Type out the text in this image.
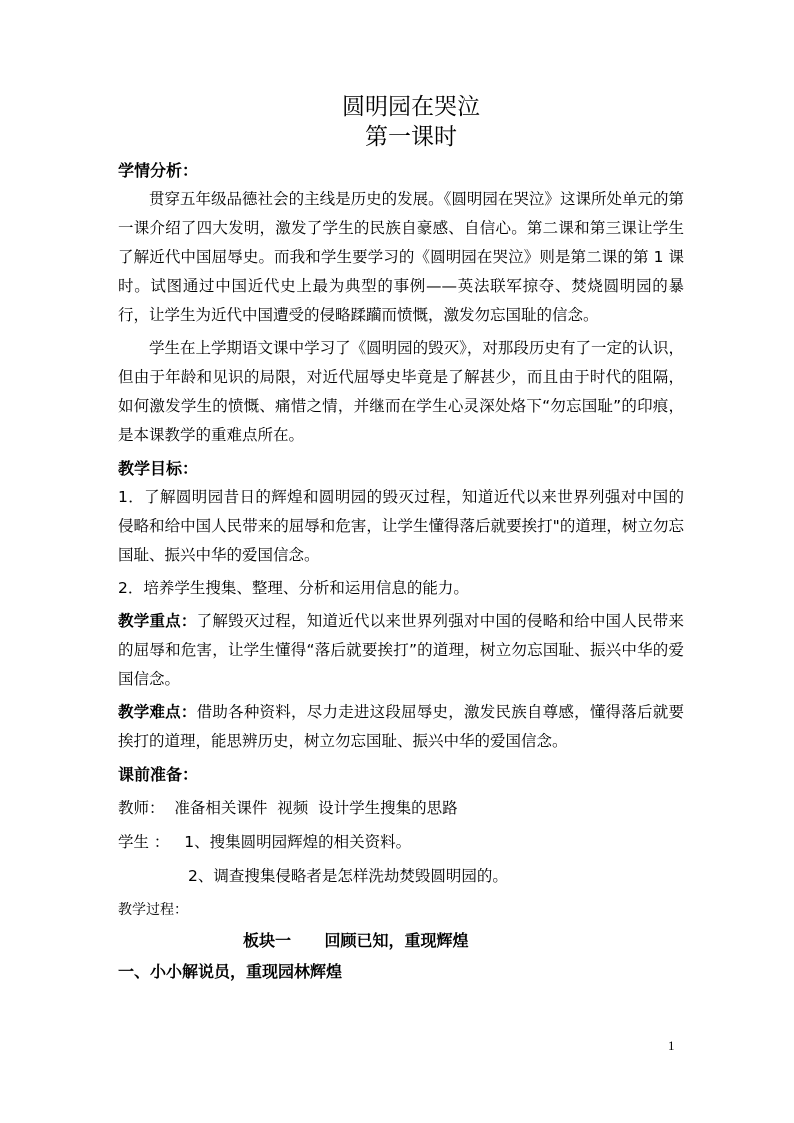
圆明园在哭泣
第一课时

学情分析：

贯穿五年级品德社会的主线是历史的发展。《圆明园在哭泣》这课所处单元的第一课介绍了四大发明，激发了学生的民族自豪感、自信心。第二课和第三课让学生了解近代中国屈辱史。而我和学生要学习的《圆明园在哭泣》则是第二课的第 1 课时。试图通过中国近代史上最为典型的事例——英法联军掠夺、焚烧圆明园的暴行，让学生为近代中国遭受的侵略蹂躏而愤慨，激发勿忘国耻的信念。

学生在上学期语文课中学习了《圆明园的毁灭》，对那段历史有了一定的认识，但由于年龄和见识的局限，对近代屈辱史毕竟是了解甚少，而且由于时代的阻隔，如何激发学生的愤慨、痛惜之情，并继而在学生心灵深处烙下“勿忘国耻”的印痕，是本课教学的重难点所在。

教学目标：

1．了解圆明园昔日的辉煌和圆明园的毁灭过程，知道近代以来世界列强对中国的侵略和给中国人民带来的屈辱和危害，让学生懂得落后就要挨打"的道理，树立勿忘国耻、振兴中华的爱国信念。

2．培养学生搜集、整理、分析和运用信息的能力。

教学重点：了解毁灭过程，知道近代以来世界列强对中国的侵略和给中国人民带来的屈辱和危害，让学生懂得“落后就要挨打”的道理，树立勿忘国耻、振兴中华的爱国信念。

教学难点：借助各种资料，尽力走进这段屈辱史，激发民族自尊感，懂得落后就要挨打的道理，能思辨历史，树立勿忘国耻、振兴中华的爱国信念。

课前准备：

教师： 准备相关课件  视频  设计学生搜集的思路

学生 ： 1、搜集圆明园辉煌的相关资料。

2、调查搜集侵略者是怎样洗劫焚毁圆明园的。

教学过程：

板块一 回顾已知，重现辉煌

一、小小解说员，重现园林辉煌

1
